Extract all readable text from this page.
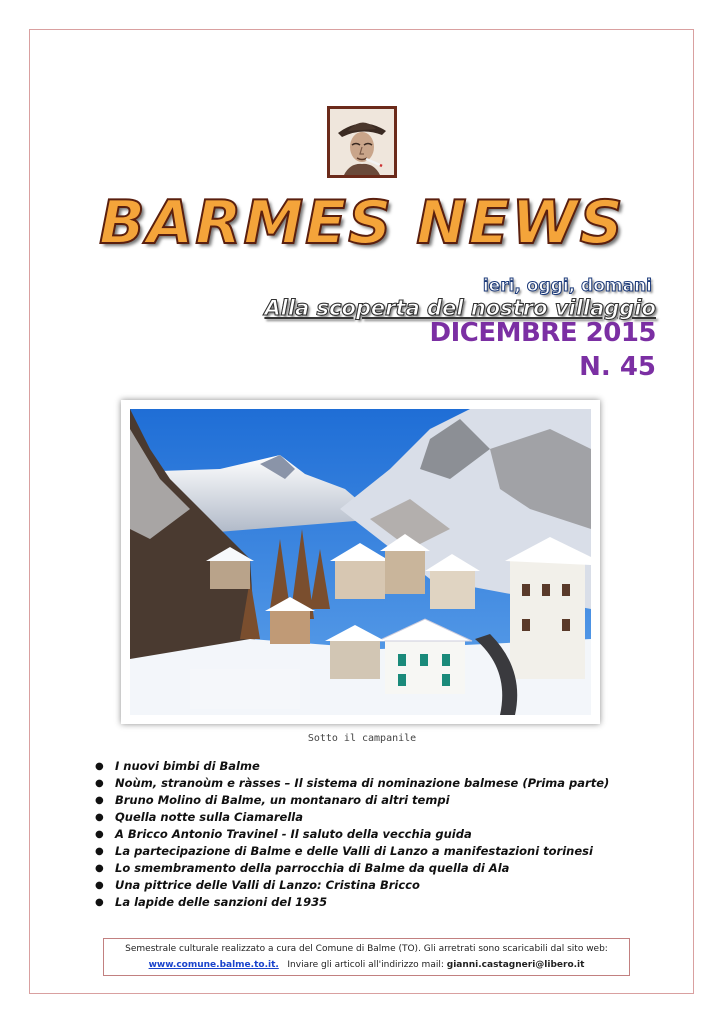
BARMES NEWS
ieri, oggi, domani
Alla scoperta del nostro villaggio
DICEMBRE 2015
N. 45
Sotto il campanile
● I nuovi bimbi di Balme
● Noùm, stranoùm e ràsses – Il sistema di nominazione balmese (Prima parte)
● Bruno Molino di Balme, un montanaro di altri tempi
● Quella notte sulla Ciamarella
● A Bricco Antonio Travinel - Il saluto della vecchia guida
● La partecipazione di Balme e delle Valli di Lanzo a manifestazioni torinesi
● Lo smembramento della parrocchia di Balme da quella di Ala
● Una pittrice delle Valli di Lanzo: Cristina Bricco
● La lapide delle sanzioni del 1935
Semestrale culturale realizzato a cura del Comune di Balme (TO). Gli arretrati sono scaricabili dal sito web:
www.comune.balme.to.it. Inviare gli articoli all'indirizzo mail: gianni.castagneri@libero.it
